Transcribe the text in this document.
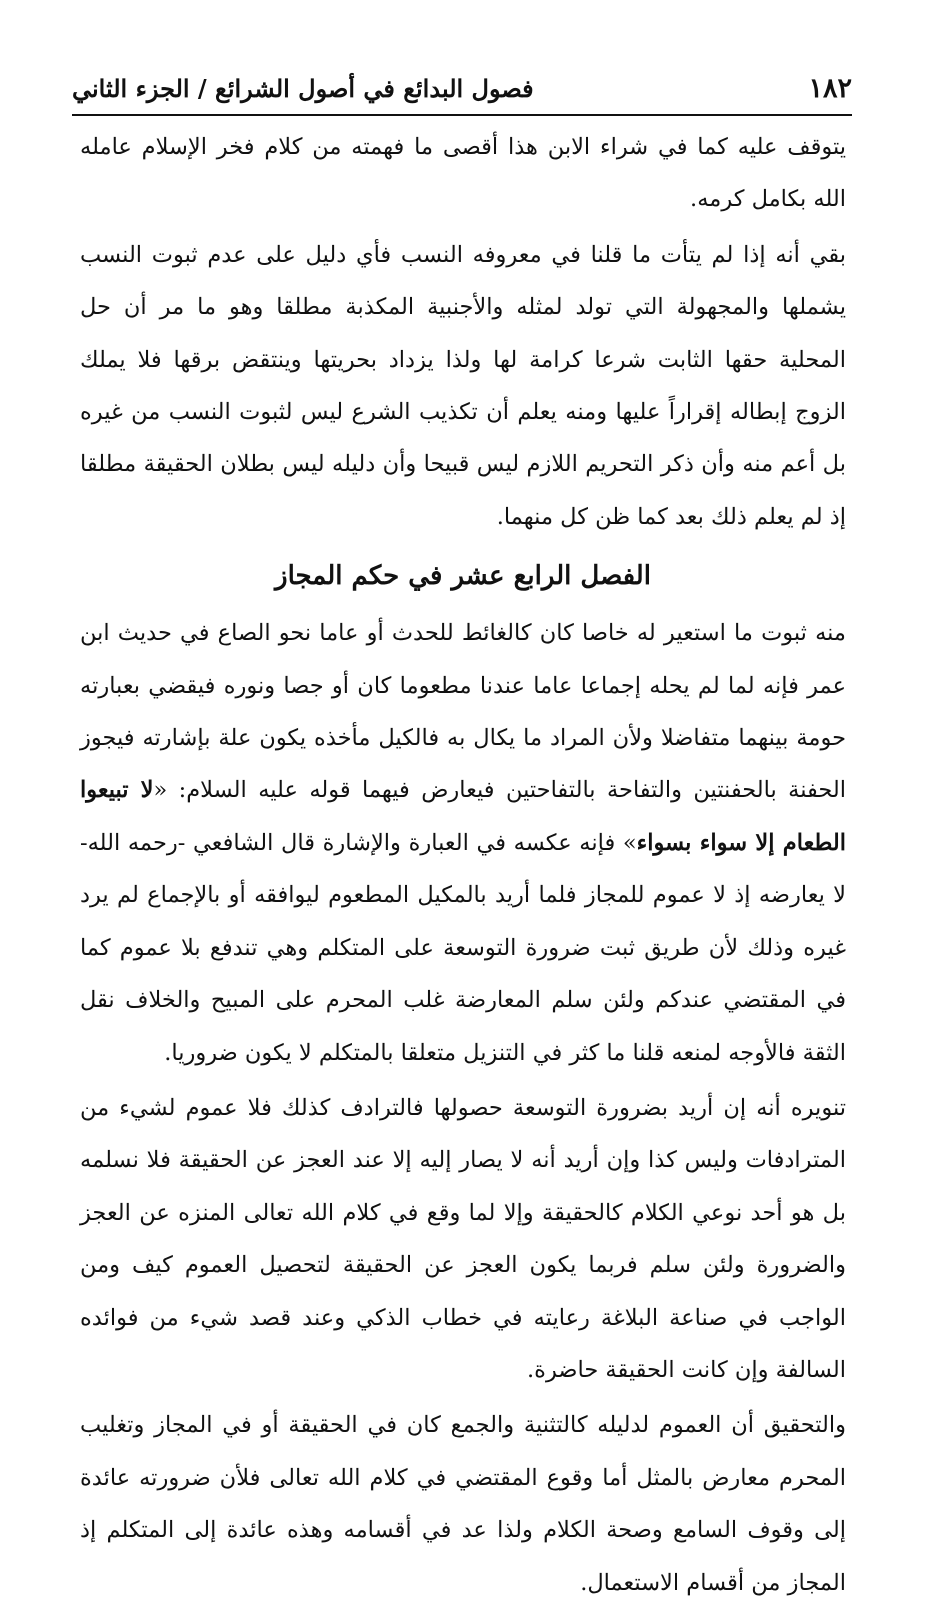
١٨٢
فصول البدائع في أصول الشرائع / الجزء الثاني

يتوقف عليه كما في شراء الابن هذا أقصى ما فهمته من كلام فخر الإسلام عامله الله بكامل كرمه.

بقي أنه إذا لم يتأت ما قلنا في معروفه النسب فأي دليل على عدم ثبوت النسب يشملها والمجهولة التي تولد لمثله والأجنبية المكذبة مطلقا وهو ما مر أن حل المحلية حقها الثابت شرعا كرامة لها ولذا يزداد بحريتها وينتقض برقها فلا يملك الزوج إبطاله إقراراً عليها ومنه يعلم أن تكذيب الشرع ليس لثبوت النسب من غيره بل أعم منه وأن ذكر التحريم اللازم ليس قبيحا وأن دليله ليس بطلان الحقيقة مطلقا إذ لم يعلم ذلك بعد كما ظن كل منهما.

الفصل الرابع عشر في حكم المجاز

منه ثبوت ما استعير له خاصا كان كالغائط للحدث أو عاما نحو الصاع في حديث ابن عمر فإنه لما لم يحله إجماعا عاما عندنا مطعوما كان أو جصا ونوره فيقضي بعبارته حومة بينهما متفاضلا ولأن المراد ما يكال به فالكيل مأخذه يكون علة بإشارته فيجوز الحفنة بالحفنتين والتفاحة بالتفاحتين فيعارض فيهما قوله عليه السلام: «لا تبيعوا الطعام إلا سواء بسواء» فإنه عكسه في العبارة والإشارة قال الشافعي -رحمه الله- لا يعارضه إذ لا عموم للمجاز فلما أريد بالمكيل المطعوم ليوافقه أو بالإجماع لم يرد غيره وذلك لأن طريق ثبت ضرورة التوسعة على المتكلم وهي تندفع بلا عموم كما في المقتضي عندكم ولئن سلم المعارضة غلب المحرم على المبيح والخلاف نقل الثقة فالأوجه لمنعه قلنا ما كثر في التنزيل متعلقا بالمتكلم لا يكون ضروريا.

تنويره أنه إن أريد بضرورة التوسعة حصولها فالترادف كذلك فلا عموم لشيء من المترادفات وليس كذا وإن أريد أنه لا يصار إليه إلا عند العجز عن الحقيقة فلا نسلمه بل هو أحد نوعي الكلام كالحقيقة وإلا لما وقع في كلام الله تعالى المنزه عن العجز والضرورة ولئن سلم فربما يكون العجز عن الحقيقة لتحصيل العموم كيف ومن الواجب في صناعة البلاغة رعايته في خطاب الذكي وعند قصد شيء من فوائده السالفة وإن كانت الحقيقة حاضرة.

والتحقيق أن العموم لدليله كالتثنية والجمع كان في الحقيقة أو في المجاز وتغليب المحرم معارض بالمثل أما وقوع المقتضي في كلام الله تعالى فلأن ضرورته عائدة إلى وقوف السامع وصحة الكلام ولذا عد في أقسامه وهذه عائدة إلى المتكلم إذ المجاز من أقسام الاستعمال.
